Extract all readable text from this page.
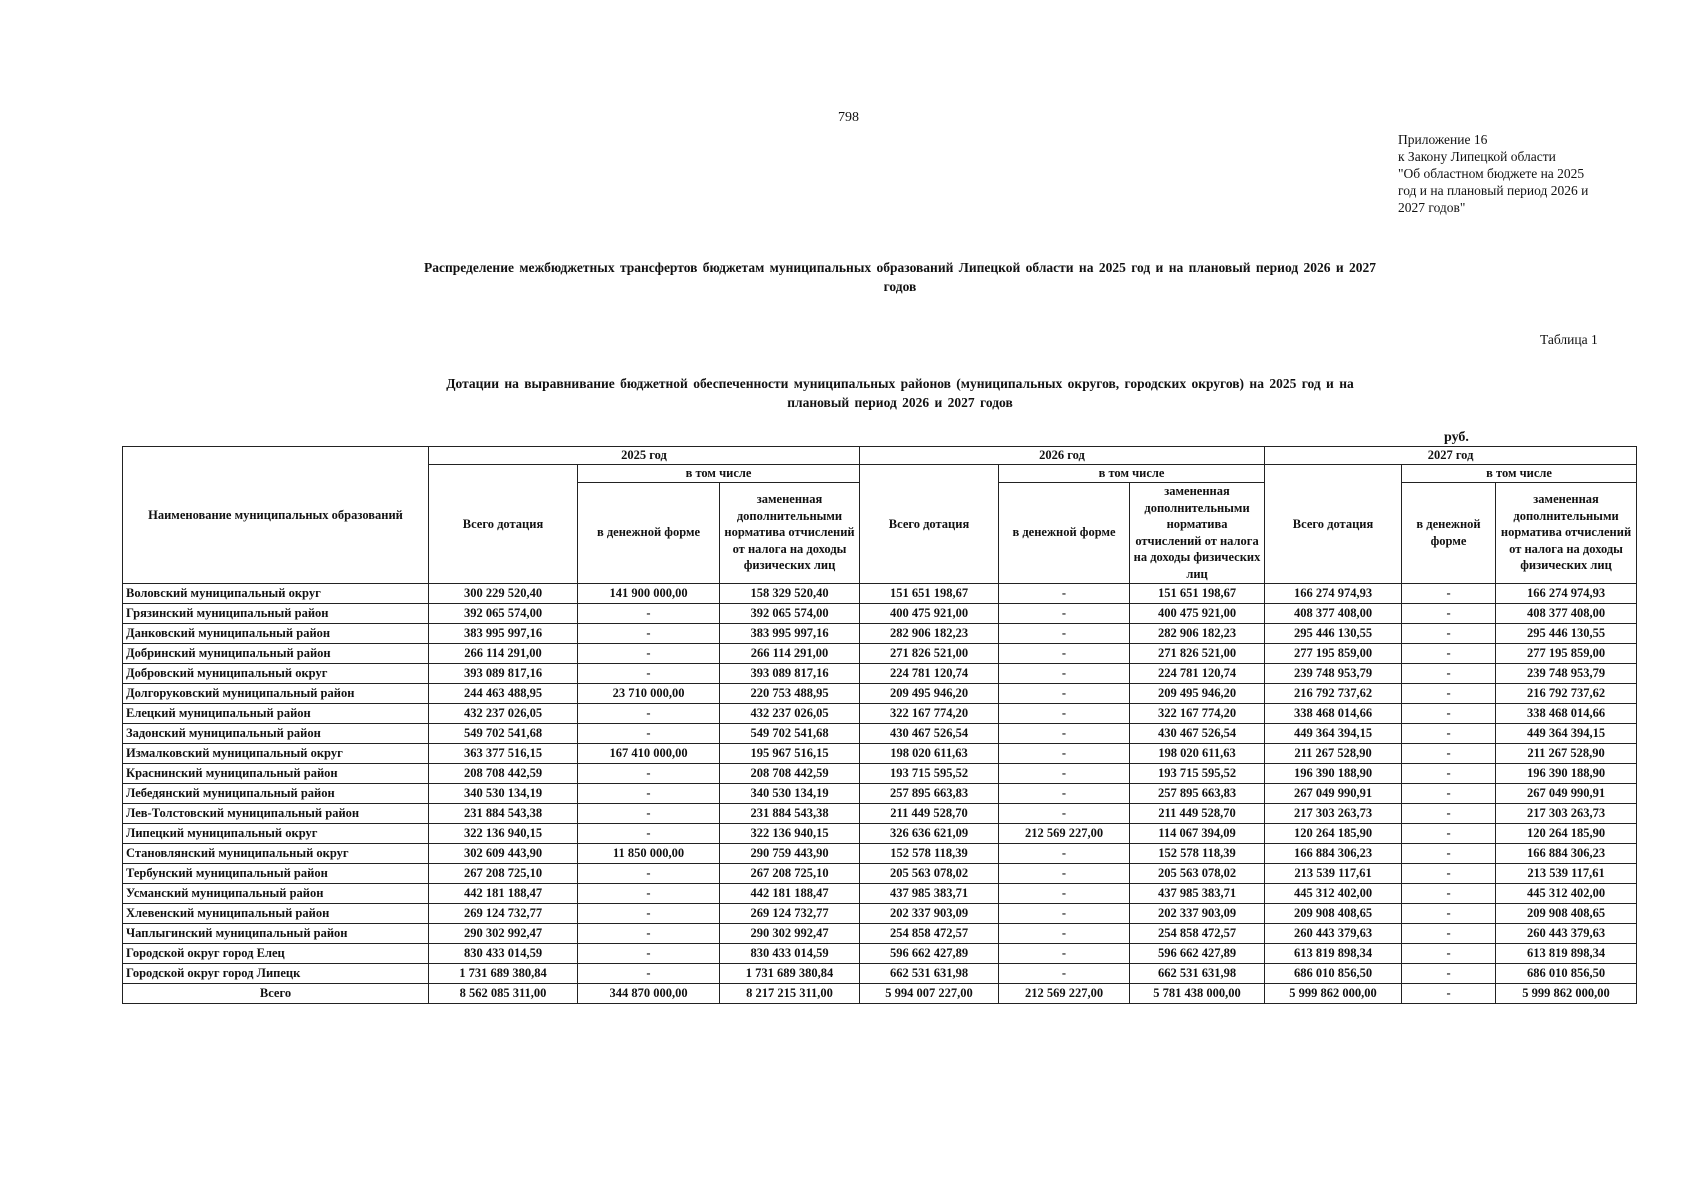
798
Приложение 16
к Закону Липецкой области
"Об областном бюджете на 2025
год и на плановый период 2026 и
2027 годов"
Распределение межбюджетных трансфертов бюджетам муниципальных образований Липецкой области на 2025 год и на плановый период 2026 и 2027 годов
Таблица 1
Дотации на выравнивание бюджетной обеспеченности муниципальных районов (муниципальных округов, городских округов) на 2025 год и на плановый период 2026 и 2027 годов
руб.
Наименование муниципальных образований	2025 год			2026 год			2027 год		
	Всего дотация	в том числе		Всего дотация	в том числе		Всего дотация	в том числе	
		в денежной форме	замененная дополнительными норматива отчислений от налога на доходы физических лиц		в денежной форме	замененная дополнительными норматива отчислений от налога на доходы физических лиц		в денежной форме	замененная дополнительными норматива отчислений от налога на доходы физических лиц
Воловский муниципальный округ	300 229 520,40	141 900 000,00	158 329 520,40	151 651 198,67	-	151 651 198,67	166 274 974,93	-	166 274 974,93
Грязинский муниципальный район	392 065 574,00	-	392 065 574,00	400 475 921,00	-	400 475 921,00	408 377 408,00	-	408 377 408,00
Данковский муниципальный район	383 995 997,16	-	383 995 997,16	282 906 182,23	-	282 906 182,23	295 446 130,55	-	295 446 130,55
Добринский муниципальный район	266 114 291,00	-	266 114 291,00	271 826 521,00	-	271 826 521,00	277 195 859,00	-	277 195 859,00
Добровский муниципальный округ	393 089 817,16	-	393 089 817,16	224 781 120,74	-	224 781 120,74	239 748 953,79	-	239 748 953,79
Долгоруковский муниципальный район	244 463 488,95	23 710 000,00	220 753 488,95	209 495 946,20	-	209 495 946,20	216 792 737,62	-	216 792 737,62
Елецкий муниципальный район	432 237 026,05	-	432 237 026,05	322 167 774,20	-	322 167 774,20	338 468 014,66	-	338 468 014,66
Задонский муниципальный район	549 702 541,68	-	549 702 541,68	430 467 526,54	-	430 467 526,54	449 364 394,15	-	449 364 394,15
Измалковский муниципальный округ	363 377 516,15	167 410 000,00	195 967 516,15	198 020 611,63	-	198 020 611,63	211 267 528,90	-	211 267 528,90
Краснинский муниципальный район	208 708 442,59	-	208 708 442,59	193 715 595,52	-	193 715 595,52	196 390 188,90	-	196 390 188,90
Лебедянский муниципальный район	340 530 134,19	-	340 530 134,19	257 895 663,83	-	257 895 663,83	267 049 990,91	-	267 049 990,91
Лев-Толстовский муниципальный район	231 884 543,38	-	231 884 543,38	211 449 528,70	-	211 449 528,70	217 303 263,73	-	217 303 263,73
Липецкий муниципальный округ	322 136 940,15	-	322 136 940,15	326 636 621,09	212 569 227,00	114 067 394,09	120 264 185,90	-	120 264 185,90
Становлянский муниципальный округ	302 609 443,90	11 850 000,00	290 759 443,90	152 578 118,39	-	152 578 118,39	166 884 306,23	-	166 884 306,23
Тербунский муниципальный район	267 208 725,10	-	267 208 725,10	205 563 078,02	-	205 563 078,02	213 539 117,61	-	213 539 117,61
Усманский муниципальный район	442 181 188,47	-	442 181 188,47	437 985 383,71	-	437 985 383,71	445 312 402,00	-	445 312 402,00
Хлевенский муниципальный район	269 124 732,77	-	269 124 732,77	202 337 903,09	-	202 337 903,09	209 908 408,65	-	209 908 408,65
Чаплыгинский муниципальный район	290 302 992,47	-	290 302 992,47	254 858 472,57	-	254 858 472,57	260 443 379,63	-	260 443 379,63
Городской округ город Елец	830 433 014,59	-	830 433 014,59	596 662 427,89	-	596 662 427,89	613 819 898,34	-	613 819 898,34
Городской округ город Липецк	1 731 689 380,84	-	1 731 689 380,84	662 531 631,98	-	662 531 631,98	686 010 856,50	-	686 010 856,50
Всего	8 562 085 311,00	344 870 000,00	8 217 215 311,00	5 994 007 227,00	212 569 227,00	5 781 438 000,00	5 999 862 000,00	-	5 999 862 000,00
